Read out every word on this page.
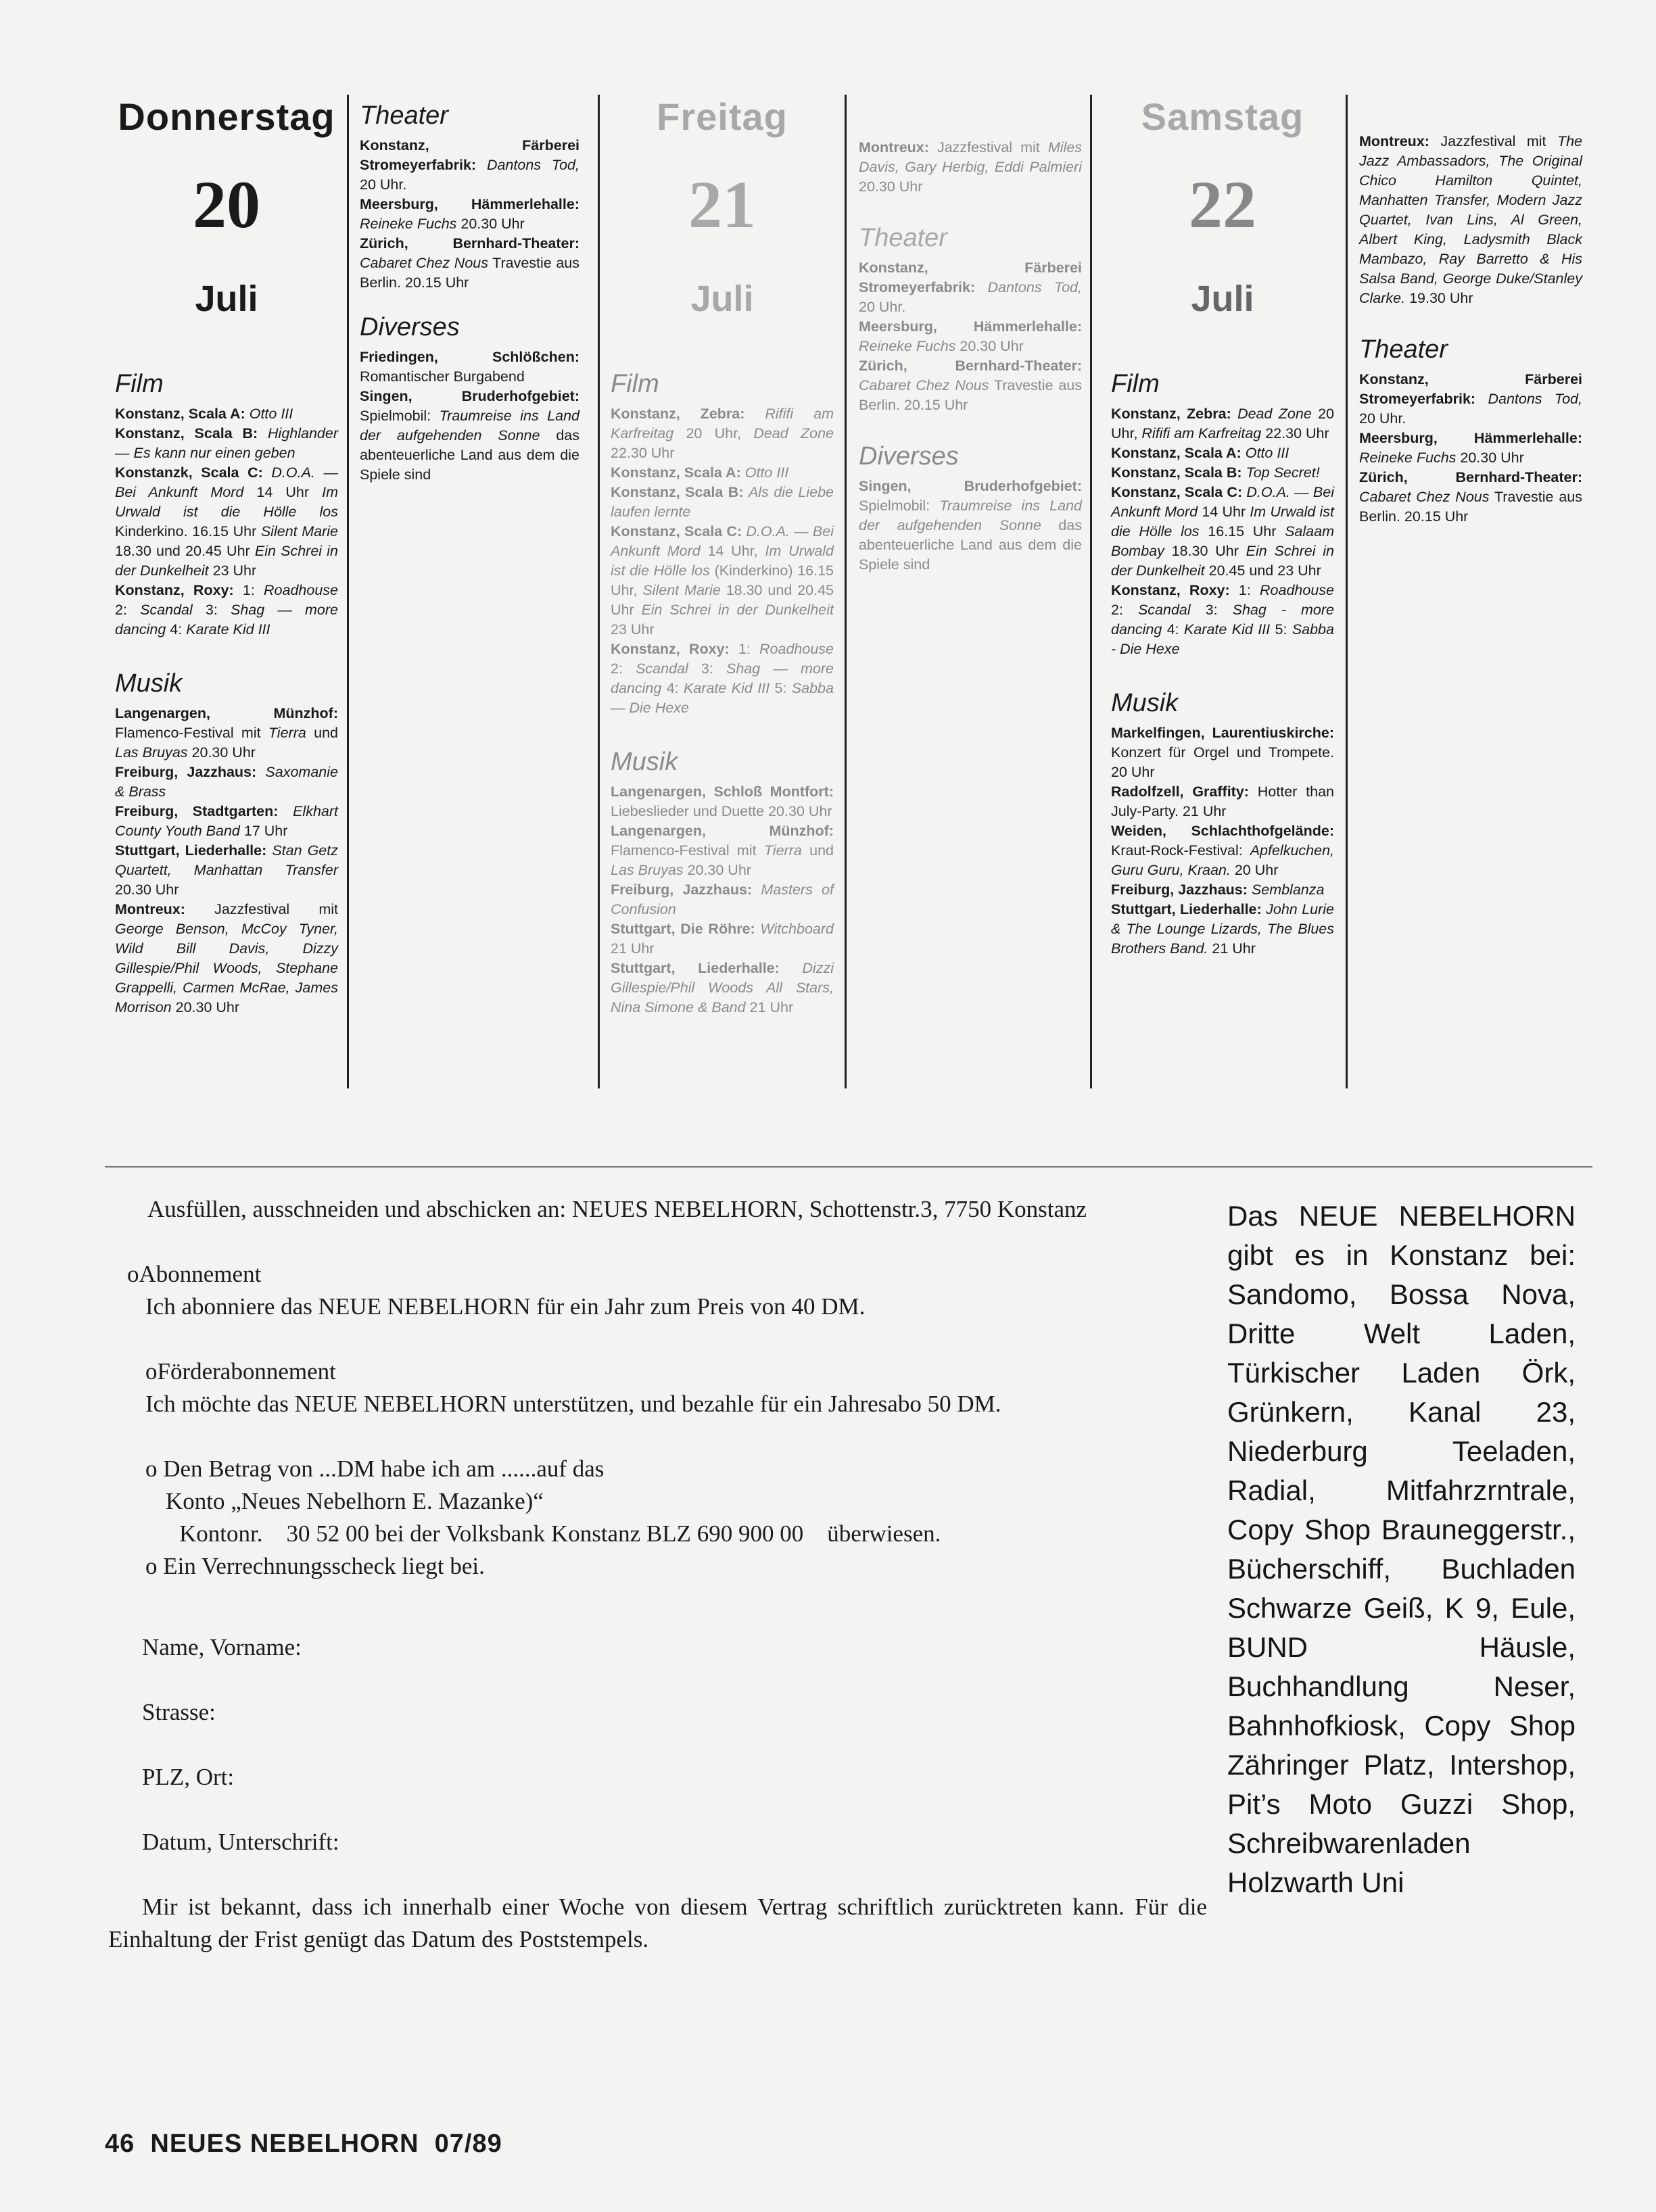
Donnerstag
20
Juli
Film

Konstanz, Scala A: Otto III

Konstanz, Scala B: Highlander — Es kann nur einen geben

Konstanzk, Scala C: D.O.A. — Bei Ankunft Mord 14 Uhr Im Urwald ist die Hölle los Kinderkino. 16.15 Uhr Silent Marie 18.30 und 20.45 Uhr Ein Schrei in der Dunkelheit 23 Uhr

Konstanz, Roxy: 1: Roadhouse 2: Scandal 3: Shag — more dancing 4: Karate Kid III

Musik

Langenargen, Münzhof: Flamenco-Festival mit Tierra und Las Bruyas 20.30 Uhr

Freiburg, Jazzhaus: Saxomanie & Brass

Freiburg, Stadtgarten: Elkhart County Youth Band 17 Uhr

Stuttgart, Liederhalle: Stan Getz Quartett, Manhattan Transfer 20.30 Uhr

Montreux: Jazzfestival mit George Benson, McCoy Tyner, Wild Bill Davis, Dizzy Gillespie/Phil Woods, Stephane Grappelli, Carmen McRae, James Morrison 20.30 Uhr

Theater

Konstanz, Färberei Stromeyerfabrik: Dantons Tod, 20 Uhr.

Meersburg, Hämmerlehalle: Reineke Fuchs 20.30 Uhr

Zürich, Bernhard-Theater: Cabaret Chez Nous Travestie aus Berlin. 20.15 Uhr

Diverses

Friedingen, Schlößchen: Romantischer Burgabend

Singen, Bruderhofgebiet: Spielmobil: Traumreise ins Land der aufgehenden Sonne das abenteuerliche Land aus dem die Spiele sind

Freitag
21
Juli
Film

Konstanz, Zebra: Rififi am Karfreitag 20 Uhr, Dead Zone 22.30 Uhr

Konstanz, Scala A: Otto III

Konstanz, Scala B: Als die Liebe laufen lernte

Konstanz, Scala C: D.O.A. — Bei Ankunft Mord 14 Uhr, Im Urwald ist die Hölle los (Kinderkino) 16.15 Uhr, Silent Marie 18.30 und 20.45 Uhr Ein Schrei in der Dunkelheit 23 Uhr

Konstanz, Roxy: 1: Roadhouse 2: Scandal 3: Shag — more dancing 4: Karate Kid III 5: Sabba — Die Hexe

Musik

Langenargen, Schloß Montfort: Liebeslieder und Duette 20.30 Uhr

Langenargen, Münzhof: Flamenco-Festival mit Tierra und Las Bruyas 20.30 Uhr

Freiburg, Jazzhaus: Masters of Confusion

Stuttgart, Die Röhre: Witchboard 21 Uhr

Stuttgart, Liederhalle: Dizzi Gillespie/Phil Woods All Stars, Nina Simone & Band 21 Uhr

Montreux: Jazzfestival mit Miles Davis, Gary Herbig, Eddi Palmieri 20.30 Uhr

Theater

Konstanz, Färberei Stromeyerfabrik: Dantons Tod, 20 Uhr.

Meersburg, Hämmerlehalle: Reineke Fuchs 20.30 Uhr

Zürich, Bernhard-Theater: Cabaret Chez Nous Travestie aus Berlin. 20.15 Uhr

Diverses

Singen, Bruderhofgebiet: Spielmobil: Traumreise ins Land der aufgehenden Sonne das abenteuerliche Land aus dem die Spiele sind

Samstag
22
Juli
Film

Konstanz, Zebra: Dead Zone 20 Uhr, Rififi am Karfreitag 22.30 Uhr

Konstanz, Scala A: Otto III

Konstanz, Scala B: Top Secret!

Konstanz, Scala C: D.O.A. — Bei Ankunft Mord 14 Uhr Im Urwald ist die Hölle los 16.15 Uhr Salaam Bombay 18.30 Uhr Ein Schrei in der Dunkelheit 20.45 und 23 Uhr

Konstanz, Roxy: 1: Roadhouse 2: Scandal 3: Shag - more dancing 4: Karate Kid III 5: Sabba - Die Hexe

Musik

Markelfingen, Laurentiuskirche: Konzert für Orgel und Trompete. 20 Uhr

Radolfzell, Graffity: Hotter than July-Party. 21 Uhr

Weiden, Schlachthofgelände: Kraut-Rock-Festival: Apfelkuchen, Guru Guru, Kraan. 20 Uhr

Freiburg, Jazzhaus: Semblanza

Stuttgart, Liederhalle: John Lurie & The Lounge Lizards, The Blues Brothers Band. 21 Uhr

Montreux: Jazzfestival mit The Jazz Ambassadors, The Original Chico Hamilton Quintet, Manhatten Transfer, Modern Jazz Quartet, Ivan Lins, Al Green, Albert King, Ladysmith Black Mambazo, Ray Barretto & His Salsa Band, George Duke/Stanley Clarke. 19.30 Uhr

Theater

Konstanz, Färberei Stromeyerfabrik: Dantons Tod, 20 Uhr.

Meersburg, Hämmerlehalle: Reineke Fuchs 20.30 Uhr

Zürich, Bernhard-Theater: Cabaret Chez Nous Travestie aus Berlin. 20.15 Uhr

Ausfüllen, ausschneiden und abschicken an: NEUES NEBELHORN, Schottenstr.3, 7750 Konstanz

oAbonnement

Ich abonniere das NEUE NEBELHORN für ein Jahr zum Preis von 40 DM.

oFörderabonnement

Ich möchte das NEUE NEBELHORN unterstützen, und bezahle für ein Jahresabo 50 DM.

o Den Betrag von ...DM habe ich am ......auf das

Konto „Neues Nebelhorn E. Mazanke)“

Kontonr.    30 52 00 bei der Volksbank Konstanz BLZ 690 900 00    überwiesen.

o Ein Verrechnungsscheck liegt bei.

Name, Vorname:

Strasse:

PLZ, Ort:

Datum, Unterschrift:

Mir ist bekannt, dass ich innerhalb einer Woche von diesem Vertrag schriftlich zurücktreten kann. Für die Einhaltung der Frist genügt das Datum des Poststempels.

Das NEUE NEBELHORN gibt es in Konstanz bei: Sandomo, Bossa Nova, Dritte Welt Laden, Türkischer Laden Örk, Grünkern, Kanal 23, Niederburg Teeladen, Radial, Mitfahrzrntrale, Copy Shop Brauneggerstr., Bücherschiff, Buchladen Schwarze Geiß, K 9, Eule, BUND Häusle, Buchhandlung Neser, Bahnhofkiosk, Copy Shop Zähringer Platz, Intershop, Pit’s Moto Guzzi Shop, Schreibwarenladen Holzwarth Uni
46  NEUES NEBELHORN  07/89
